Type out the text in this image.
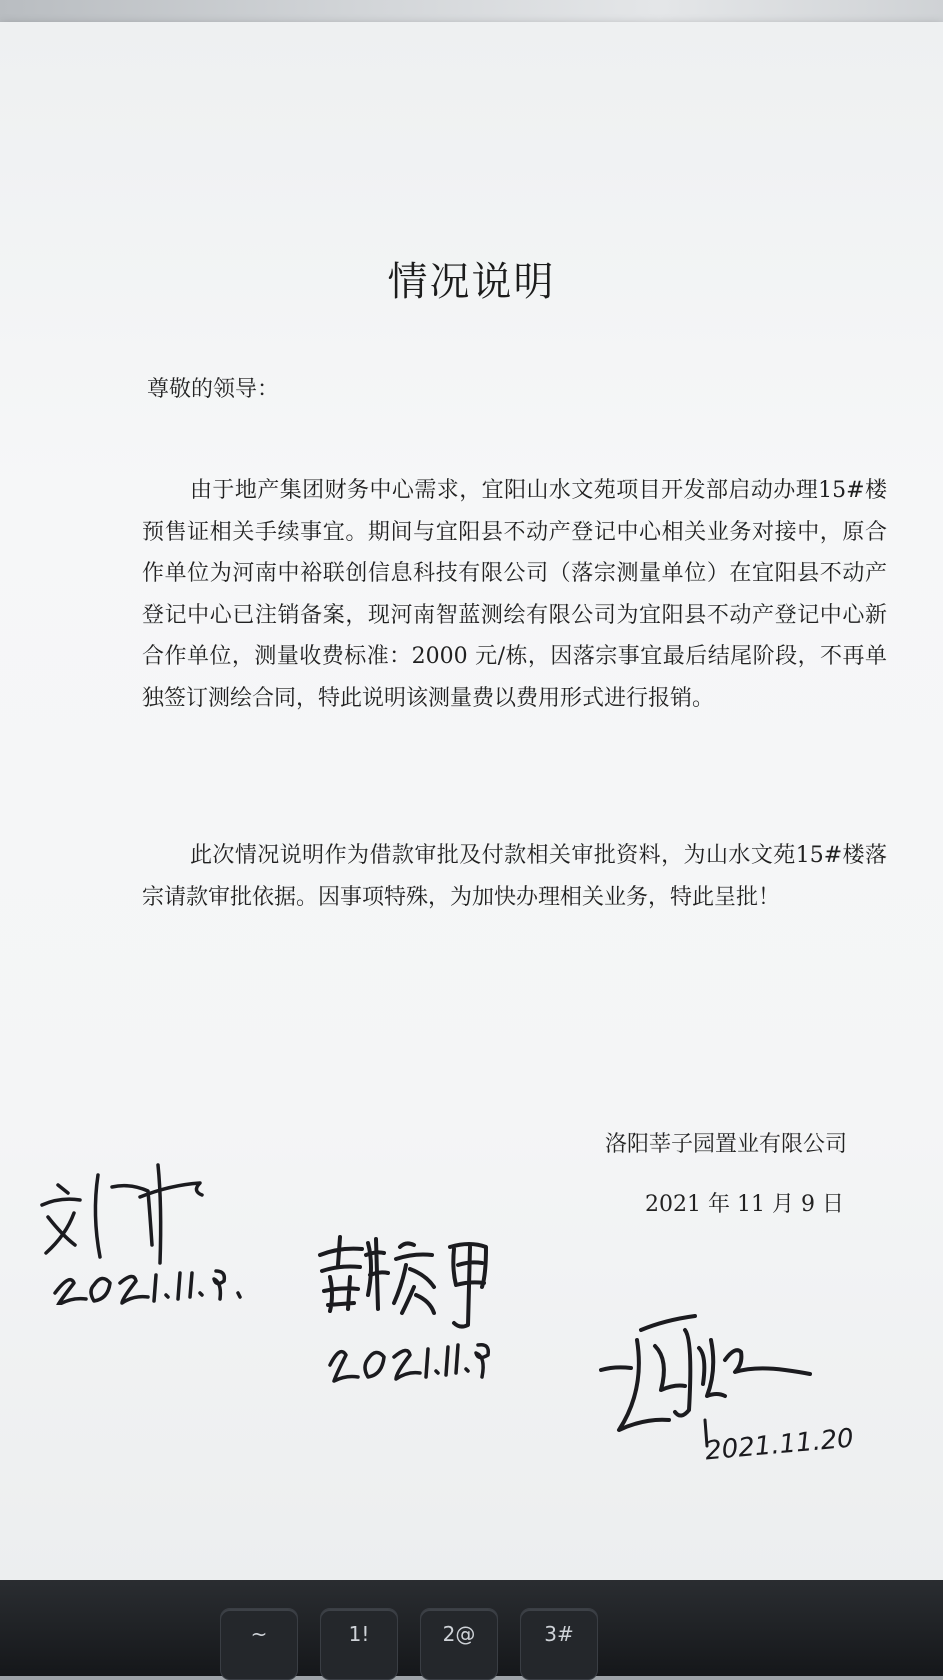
情况说明
尊敬的领导：
由于地产集团财务中心需求，宜阳山水文苑项目开发部启动办理15#楼预售证相关手续事宜。期间与宜阳县不动产登记中心相关业务对接中，原合作单位为河南中裕联创信息科技有限公司（落宗测量单位）在宜阳县不动产登记中心已注销备案，现河南智蓝测绘有限公司为宜阳县不动产登记中心新合作单位，测量收费标准：2000 元/栋，因落宗事宜最后结尾阶段，不再单独签订测绘合同，特此说明该测量费以费用形式进行报销。
此次情况说明作为借款审批及付款相关审批资料，为山水文苑15#楼落宗请款审批依据。因事项特殊，为加快办理相关业务，特此呈批！
洛阳莘子园置业有限公司
2021 年 11 月 9 日
2021.11.20
~	1!	2@	3#
